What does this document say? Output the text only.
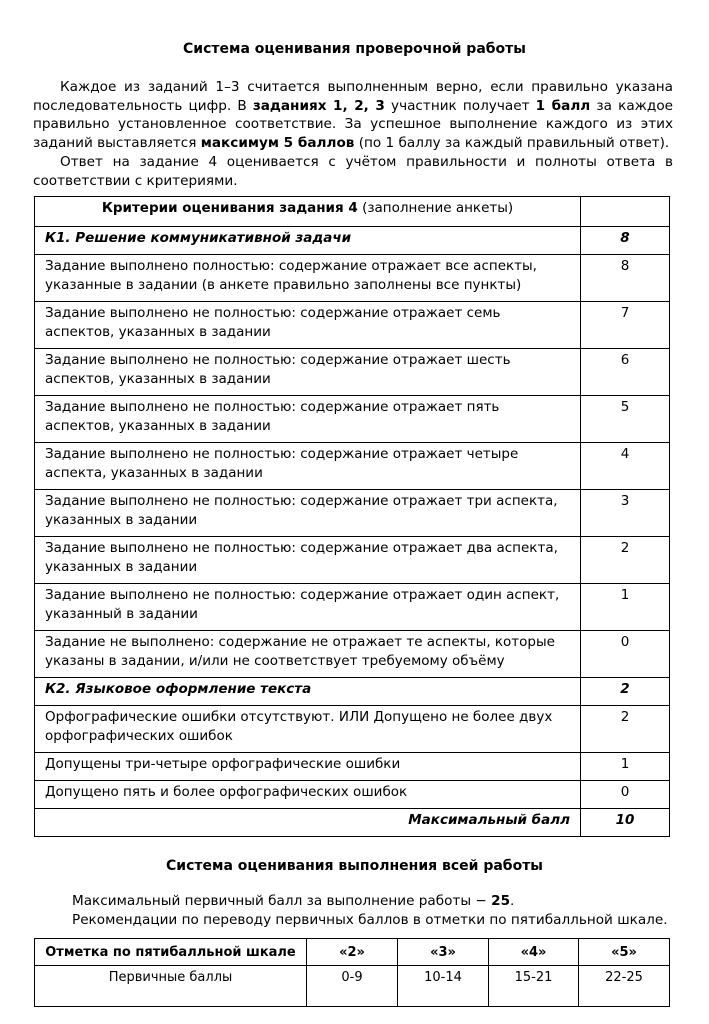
Система оценивания проверочной работы
Каждое из заданий 1–3 считается выполненным верно, если правильно указана последовательность цифр. В заданиях 1, 2, 3 участник получает 1 балл за каждое правильно установленное соответствие. За успешное выполнение каждого из этих заданий выставляется максимум 5 баллов (по 1 баллу за каждый правильный ответ).
Ответ на задание 4 оценивается с учётом правильности и полноты ответа в соответствии с критериями.
Критерии оценивания задания 4 (заполнение анкеты)	
К1. Решение коммуникативной задачи	8
Задание выполнено полностью: содержание отражает все аспекты,
указанные в задании (в анкете правильно заполнены все пункты)	8
Задание выполнено не полностью: содержание отражает семь
аспектов, указанных в задании	7
Задание выполнено не полностью: содержание отражает шесть
аспектов, указанных в задании	6
Задание выполнено не полностью: содержание отражает пять
аспектов, указанных в задании	5
Задание выполнено не полностью: содержание отражает четыре
аспекта, указанных в задании	4
Задание выполнено не полностью: содержание отражает три аспекта,
указанных в задании	3
Задание выполнено не полностью: содержание отражает два аспекта,
указанных в задании	2
Задание выполнено не полностью: содержание отражает один аспект,
указанный в задании	1
Задание не выполнено: содержание не отражает те аспекты, которые
указаны в задании, и/или не соответствует требуемому объёму	0
К2. Языковое оформление текста	2
Орфографические ошибки отсутствуют. ИЛИ Допущено не более двух
орфографических ошибок	2
Допущены три-четыре орфографические ошибки	1
Допущено пять и более орфографических ошибок	0
Максимальный балл	10
Система оценивания выполнения всей работы
Максимальный первичный балл за выполнение работы − 25.
Рекомендации по переводу первичных баллов в отметки по пятибалльной шкале.
Отметка по пятибалльной шкале	«2»	«3»	«4»	«5»
Первичные баллы	0-9	10-14	15-21	22-25
